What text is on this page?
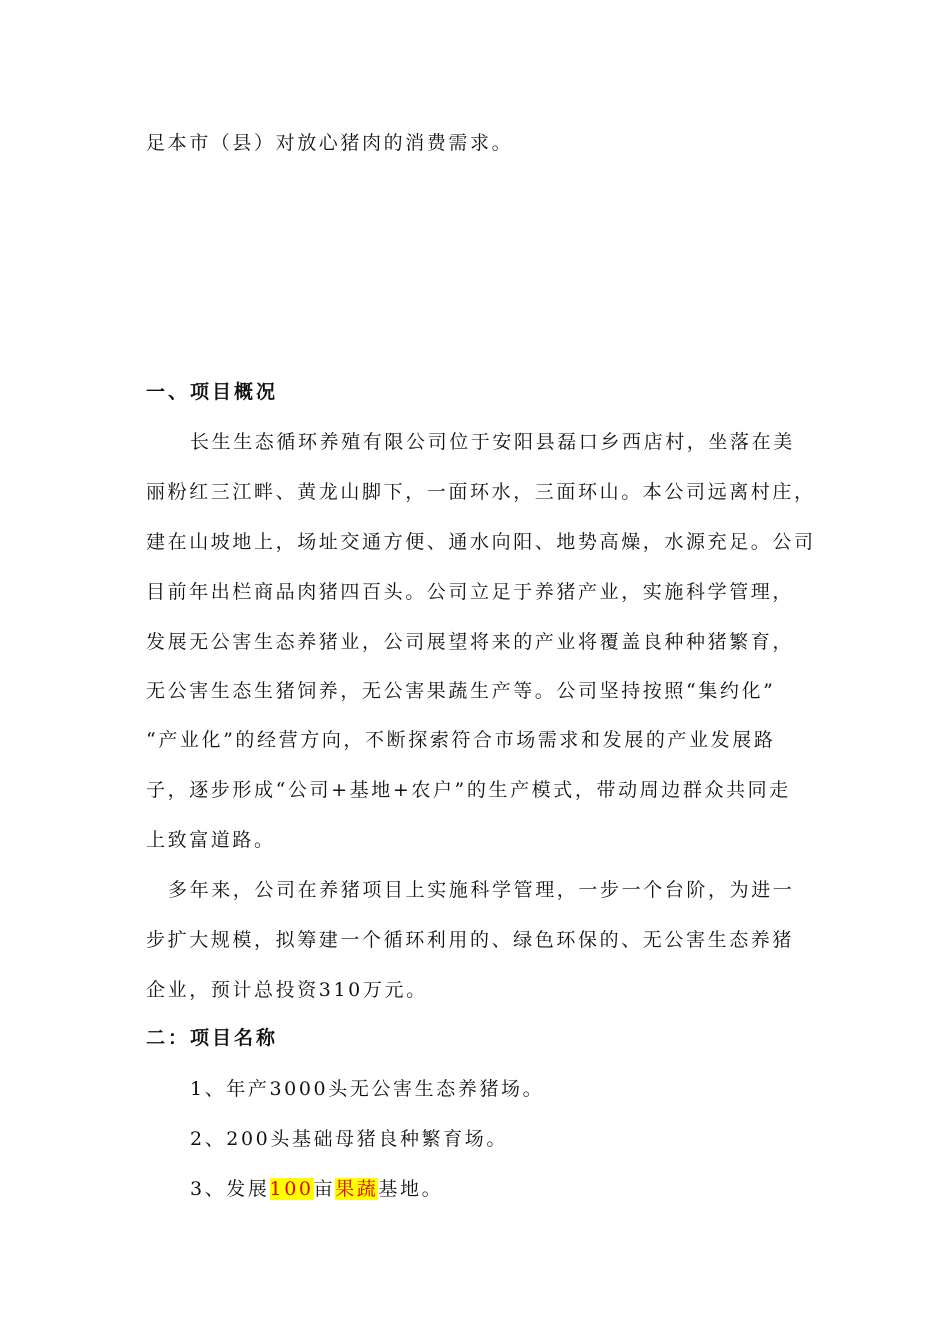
足本市（县）对放心猪肉的消费需求。
一、项目概况
长生生态循环养殖有限公司位于安阳县磊口乡西店村，坐落在美
丽粉红三江畔、黄龙山脚下，一面环水，三面环山。本公司远离村庄，
建在山坡地上，场址交通方便、通水向阳、地势高燥，水源充足。公司
目前年出栏商品肉猪四百头。公司立足于养猪产业，实施科学管理，
发展无公害生态养猪业，公司展望将来的产业将覆盖良种种猪繁育，
无公害生态生猪饲养，无公害果蔬生产等。公司坚持按照“集约化”
“产业化”的经营方向，不断探索符合市场需求和发展的产业发展路
子，逐步形成“公司+基地+农户”的生产模式，带动周边群众共同走
上致富道路。
多年来，公司在养猪项目上实施科学管理，一步一个台阶，为进一
步扩大规模，拟筹建一个循环利用的、绿色环保的、无公害生态养猪
企业，预计总投资310万元。
二：项目名称
1、年产3000头无公害生态养猪场。
2、200头基础母猪良种繁育场。
3、发展100亩果蔬基地。
